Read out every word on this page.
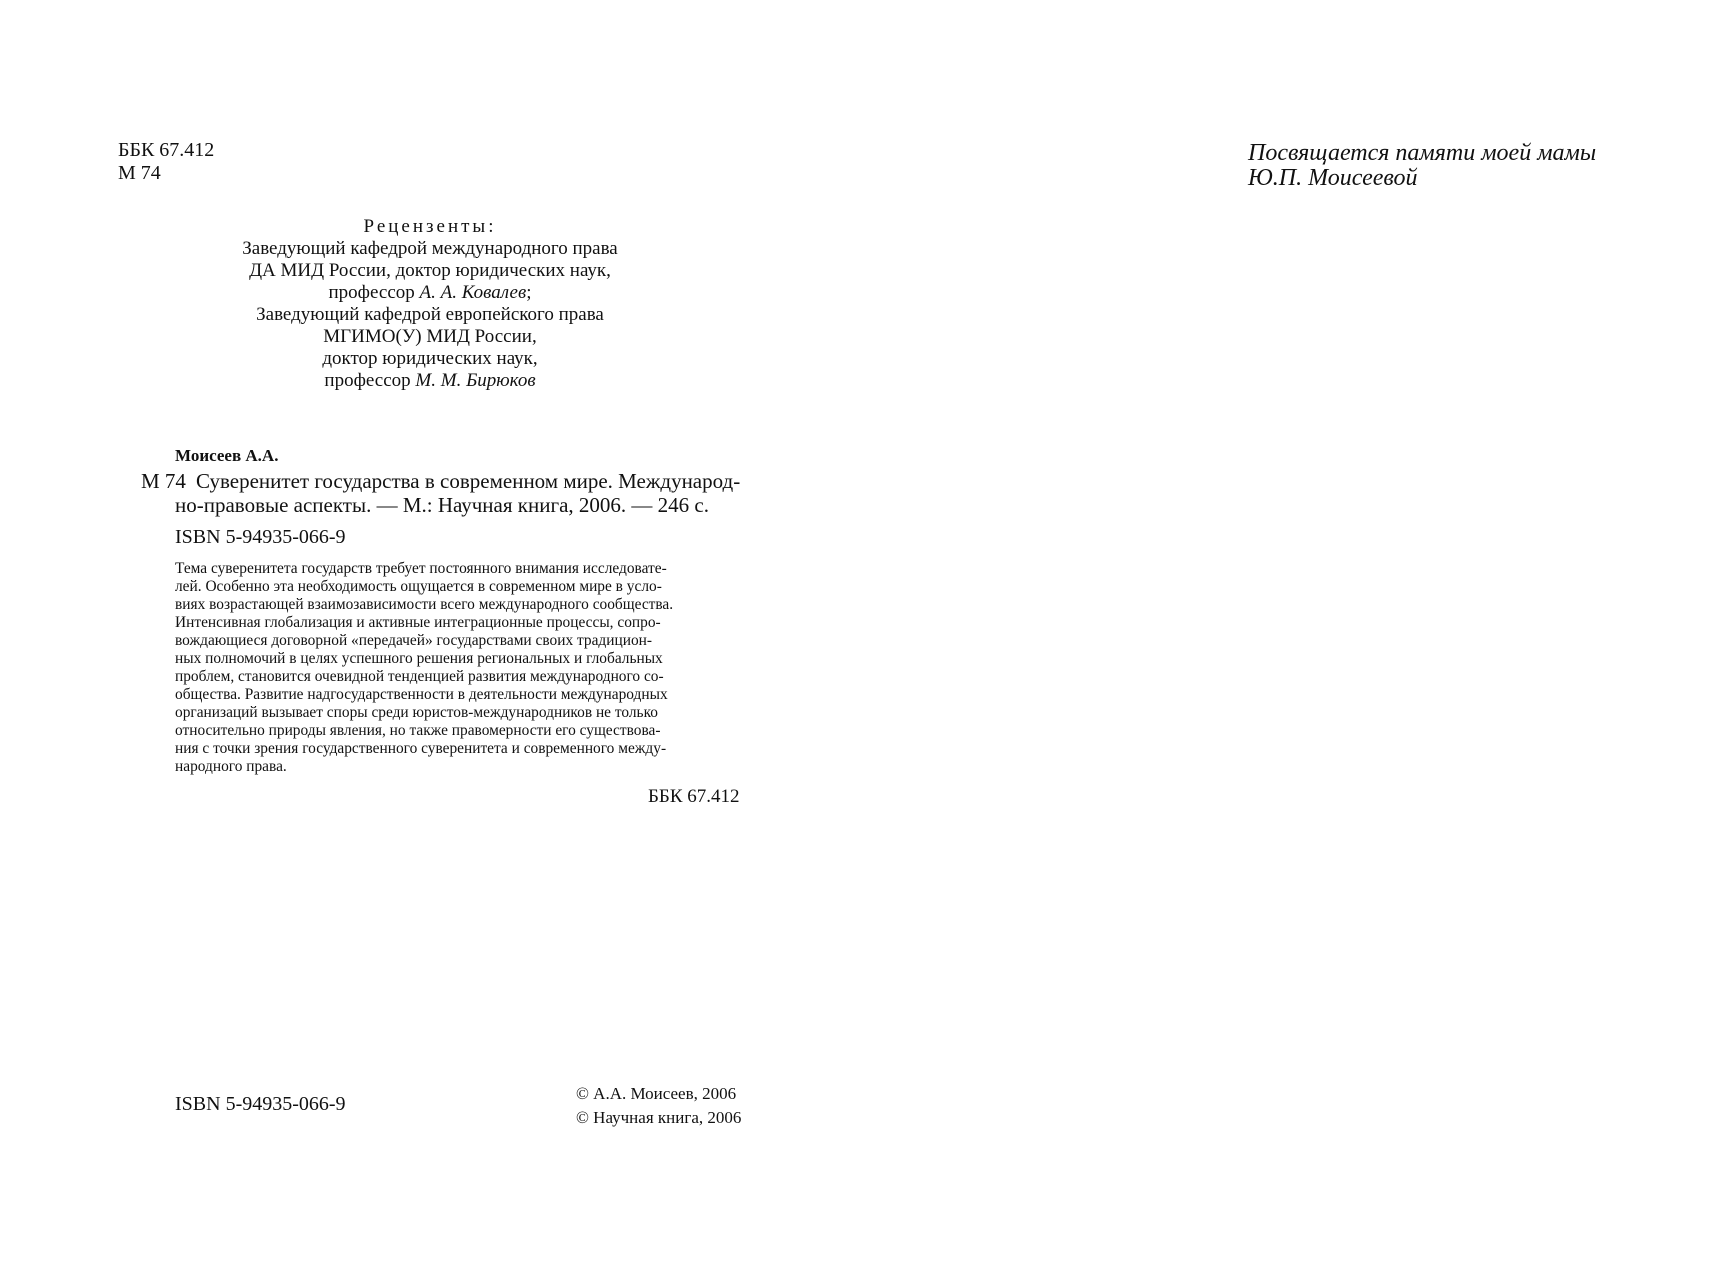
ББК 67.412
М 74
Рецензенты:
Заведующий кафедрой международного права
ДА МИД России, доктор юридических наук,
профессор А. А. Ковалев;
Заведующий кафедрой европейского права
МГИМО(У) МИД России,
доктор юридических наук,
профессор М. М. Бирюков
Моисеев А.А.
М 74 Суверенитет государства в современном мире. Международ-
но-правовые аспекты. — М.: Научная книга, 2006. — 246 с.
ISBN 5-94935-066-9
Тема суверенитета государств требует постоянного внимания исследовате-
лей. Особенно эта необходимость ощущается в современном мире в усло-
виях возрастающей взаимозависимости всего международного сообщества.
Интенсивная глобализация и активные интеграционные процессы, сопро-
вождающиеся договорной «передачей» государствами своих традицион-
ных полномочий в целях успешного решения региональных и глобальных
проблем, становится очевидной тенденцией развития международного со-
общества. Развитие надгосударственности в деятельности международных
организаций вызывает споры среди юристов-международников не только
относительно природы явления, но также правомерности его существова-
ния с точки зрения государственного суверенитета и современного между-
народного права.
ББК 67.412
ISBN 5-94935-066-9	© А.А. Моисеев, 2006
© Научная книга, 2006
Посвящается памяти моей мамы
Ю.П. Моисеевой
